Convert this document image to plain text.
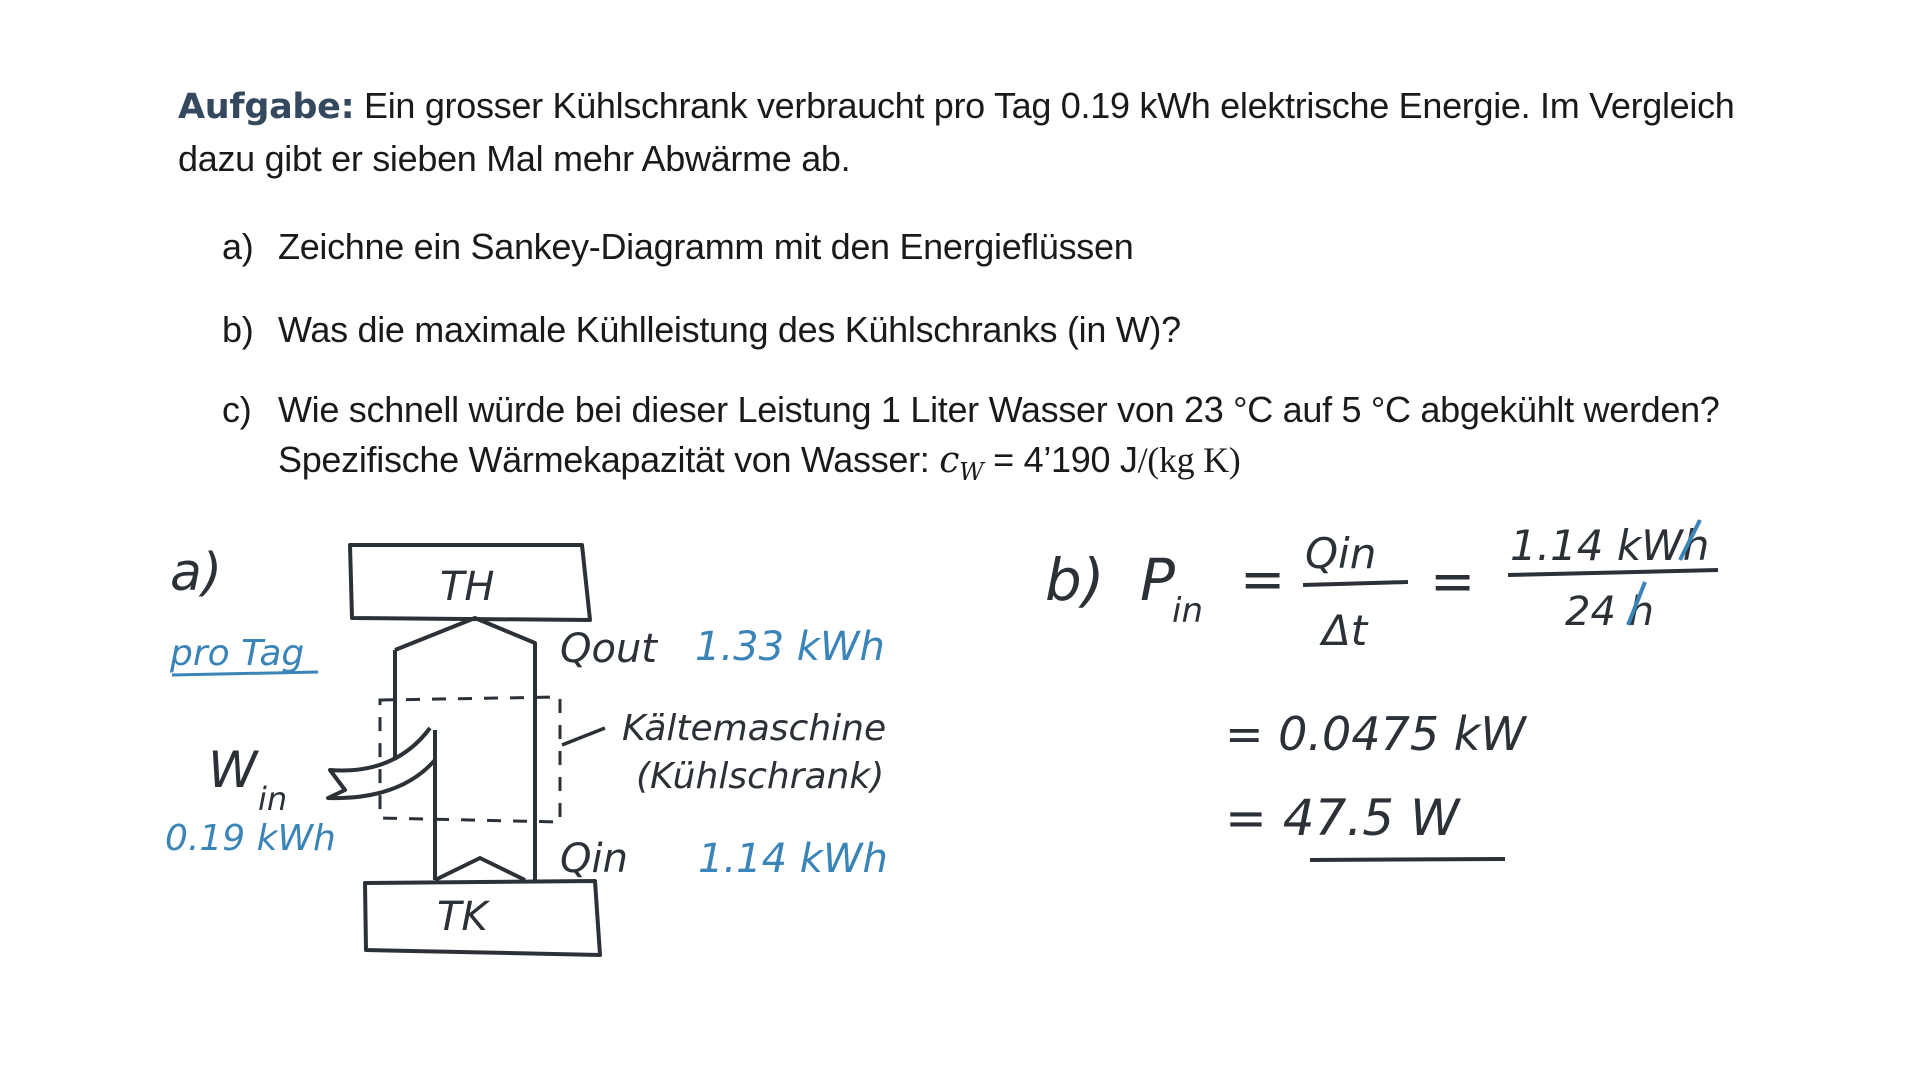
Aufgabe: Ein grosser Kühlschrank verbraucht pro Tag 0.19 kWh elektrische Energie. Im Vergleich
dazu gibt er sieben Mal mehr Abwärme ab.
a) Zeichne ein Sankey-Diagramm mit den Energieflüssen
b) Was die maximale Kühlleistung des Kühlschranks (in W)?
c) Wie schnell würde bei dieser Leistung 1 Liter Wasser von 23 °C auf 5 °C abgekühlt werden?
Spezifische Wärmekapazität von Wasser: $c_W$ = 4’190 J/(kg K)
a)	TH
TK
Qout
Qin
W in
Kältemaschine
(Kühlschrank)
pro Tag	1.33 kWh
0.19 kWh	1.14 kWh
b) P
in = Qin
Δt
=
1.14 kWh
24 h
= 0.0475 kW
= 47.5 W
